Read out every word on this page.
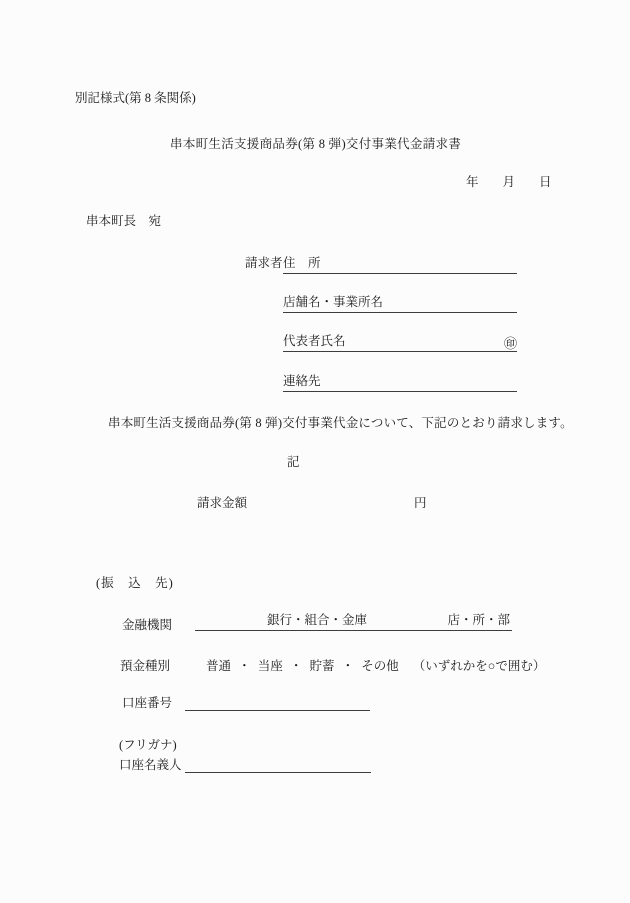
別記様式(第 8 条関係)
串本町生活支援商品券(第 8 弾)交付事業代金請求書
年 月 日
串本町長　宛
請求者 住　所
店舗名・事業所名
代表者氏名	㊞
連絡先
串本町生活支援商品券(第 8 弾)交付事業代金について、下記のとおり請求します。
記
請求金額	円
(振　込　先)
金融機関	銀行・組合・金庫	店・所・部
預金種別	普通 ・ 当座 ・ 貯蓄 ・ その他 （いずれかを○で囲む）
口座番号
(フリガナ)
口座名義人
